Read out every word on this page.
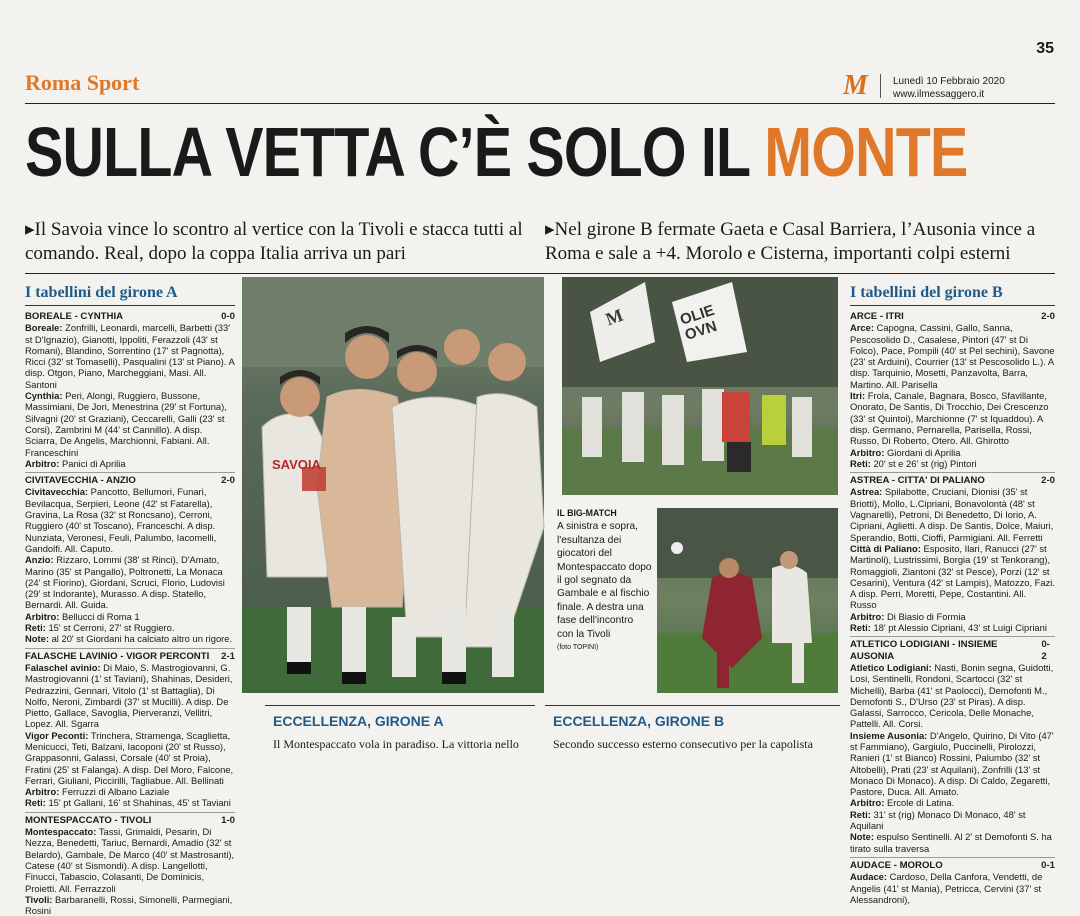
35
Roma Sport	M	Lunedì 10 Febbraio 2020
www.ilmessaggero.it
SULLA VETTA C’È SOLO IL MONTE
▸Il Savoia vince lo scontro al vertice con la Tivoli e stacca tutti al comando. Real, dopo la coppa Italia arriva un pari
▸Nel girone B fermate Gaeta e Casal Barriera, l’Ausonia vince a Roma e sale a +4. Morolo e Cisterna, importanti colpi esterni
I tabellini del girone A
BOREALE - CYNTHIA	0-0

Boreale: Zonfrilli, Leonardi, marcelli, Barbetti (33' st D'Ignazio), Gianotti, Ippoliti, Ferazzoli (43' st Romani), Blandino, Sorrentino (17' st Pagnotta), Ricci (32' st Tomaselli), Pasqualini (13' st Piano). A disp. Otgon, Piano, Marcheggiani, Masi. All. Santoni

Cynthia: Peri, Alongi, Ruggiero, Bussone, Massimiani, De Jori, Menestrina (29' st Fortuna), Silvagni (20' st Graziani), Ceccarelli, Galli (23' st Corsi), Zambrini M (44' st Cannillo). A disp. Sciarra, De Angelis, Marchionni, Fabiani. All. Franceschini

Arbitro: Panici di Aprilia

CIVITAVECCHIA - ANZIO	2-0

Civitavecchia: Pancotto, Bellumori, Funari, Bevilacqua, Serpieri, Leone (42' st Fatarella), Gravina, La Rosa (32' st Roncsano), Cerroni, Ruggiero (40' st Toscano), Franceschi. A disp. Nunziata, Veronesi, Feuli, Palumbo, Iacomelli, Gandolfi. All. Caputo.

Anzio: Rizzaro, Lommi (38' st Rinci), D'Amato, Marino (35' st Pangallo), Poltronetti, La Monaca (24' st Fiorino), Giordani, Scruci, Florio, Ludovisi (29' st Indorante), Murasso. A disp. Statello, Bernardi. All. Guida.

Arbitro: Bellucci di Roma 1

Reti: 15' st Cerroni, 27' st Ruggiero.

Note: al 20' st Giordani ha calciato altro un rigore.

FALASCHE LAVINIO - VIGOR PERCONTI 2-1

Falaschel avinio: Di Maio, S. Mastrogiovanni, G. Mastrogiovanni (1' st Taviani), Shahinas, Desideri, Pedrazzini, Gennari, Vitolo (1' st Battaglia), Di Nolfo, Neroni, Zimbardi (37' st Mucilli). A disp. De Pietto, Gallace, Savoglia, Pierveranzi, Vellitri, Lopez. All. Sgarra

Vigor Peconti: Trinchera, Stramenga, Scaglietta, Menicucci, Teti, Balzani, Iacoponi (20' st Russo), Grappasonni, Galassi, Corsale (40' st Proia), Fratini (25' st Falanga). A disp. Del Moro, Falcone, Ferrari, Giuliani, Piccirilli, Tagliabue. All. Bellinati

Arbitro: Ferruzzi di Albano Laziale

Reti: 15' pt Gallani, 16' st Shahinas, 45' st Taviani

MONTESPACCATO - TIVOLI	1-0

Montespaccato: Tassi, Grimaldi, Pesarin, Di Nezza, Benedetti, Tariuc, Bernardi, Amadio (32' st Belardo), Gambale, De Marco (40' st Mastrosanti), Catese (40' st Sismondi). A disp. Langellotti, Finucci, Tabascio, Colasanti, De Dominicis, Proietti. All. Ferrazzoli

Tivoli: Barbaranelli, Rossi, Simonelli, Parmegiani, Rosini

I tabellini del girone B
ARCE - ITRI	2-0

Arce: Capogna, Cassini, Gallo, Sanna, Pescosolido D., Casalese, Pintori (47' st Di Folco), Pace, Pompili (40' st Pel sechini), Savone (23' st Arduini), Courrier (13' st Pescosolido L.). A disp. Tarquinio, Mosetti, Panzavolta, Barra, Martino. All. Parisella

Itri: Frola, Canale, Bagnara, Bosco, Sfavillante, Onorato, De Santis, Di Trocchio, Dei Crescenzo (33' st Quintoi), Marchionne (7' st Iquaddou). A disp. Germano, Pernarella, Parisella, Rossi, Russo, Di Roberto, Otero. All. Ghirotto

Arbitro: Giordani di Aprilia

Reti: 20' st e 26' st (rig) Pintori

ASTREA - CITTA' DI PALIANO	2-0

Astrea: Spilabotte, Cruciani, Dionisi (35' st Briotti), Mollo, L.Cipriani, Bonavolontà (48' st Vagnarelli), Petroni, Di Benedetto, Di Iorio, A. Cipriani, Aglietti. A disp. De Santis, Dolce, Maiuri, Sperandio, Botti, Cioffi, Parmigiani. All. Ferretti

Città di Paliano: Esposito, Ilari, Ranucci (27' st Martinoli), Lustrissimi, Borgia (19' st Tenkorang), Romaggioli, Ziantoni (32' st Pesce), Porzi (12' st Cesarini), Ventura (42' st Lampis), Matozzo, Fazi. A disp. Perri, Moretti, Pepe, Costantini. All. Russo

Arbitro: Di Biasio di Formia

Reti: 18' pt Alessio Cipriani, 43' st Luigi Cipriani

ATLETICO LODIGIANI - INSIEME AUSONIA
0-2

Atletico Lodigiani: Nasti, Bonin segna, Guidotti, Losi, Sentinelli, Rondoni, Scartocci (32' st Michelli), Barba (41' st Paolocci), Demofonti M., Demofonti S., D'Urso (23' st Piras). A disp. Galassi, Sarrocco, Cericola, Delle Monache, Pattelli. All. Corsi.

Insieme Ausonia: D'Angelo, Quirino, Di Vito (47' st Fammiano), Gargiulo, Puccinelli, Pirolozzi, Ranieri (1' st Bianco) Rossini, Palumbo (32' st Altobelli), Prati (23' st Aquilani), Zonfrilli (13' st Monaco Di Monaco). A disp. Di Caldo, Zegaretti, Pastore, Duca. All. Amato.

Arbitro: Ercole di Latina.

Reti: 31' st (rig) Monaco Di Monaco, 48' st Aquilani

Note: espulso Sentinelli. Al 2' st Demofonti S. ha tirato sulla traversa

AUDACE - MOROLO	0-1

Audace: Cardoso, Della Canfora, Vendetti, de Angelis (41' st Mania), Petricca, Cervini (37' st Alessandroni),

SAVOIA
M	OLIE OVN
IL BIG-MATCH
A sinistra e sopra, l'esultanza dei giocatori del Montespaccato dopo il gol segnato da Gambale e al fischio finale. A destra una fase dell'incontro con la Tivoli
(foto TOPINI)
ECCELLENZA, GIRONE A
Il Montespaccato vola in paradiso. La vittoria nello
ECCELLENZA, GIRONE B
Secondo successo esterno consecutivo per la capolista
